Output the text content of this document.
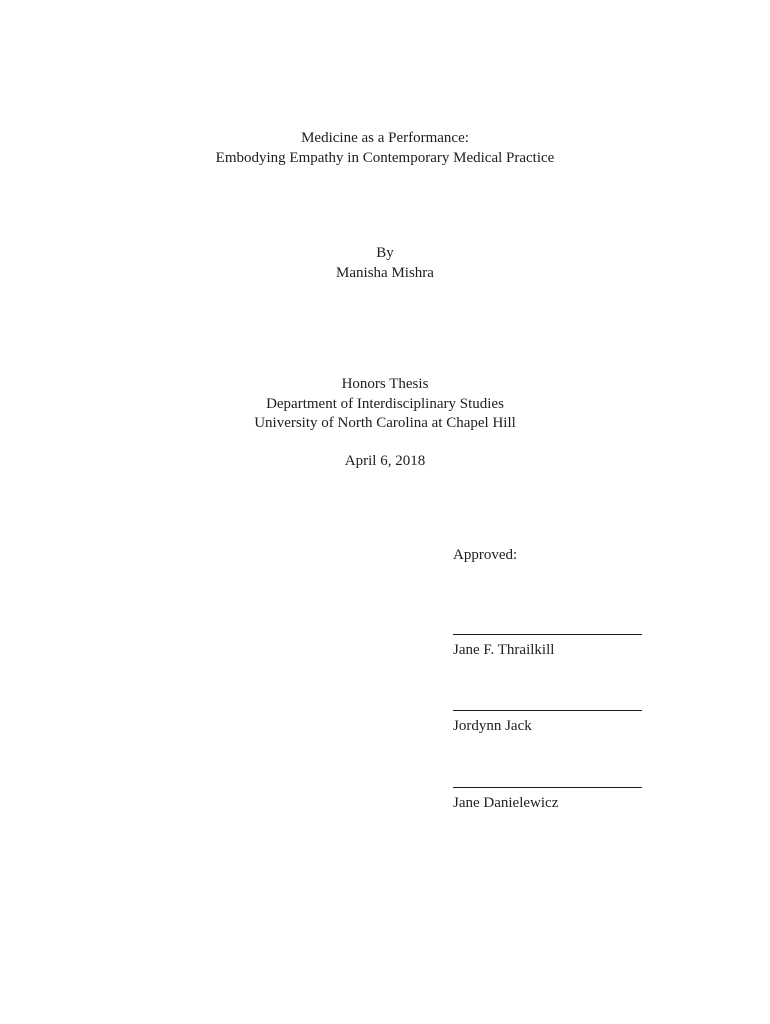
Medicine as a Performance:
Embodying Empathy in Contemporary Medical Practice
By
Manisha Mishra
Honors Thesis
Department of Interdisciplinary Studies
University of North Carolina at Chapel Hill
April 6, 2018
Approved:
Jane F. Thrailkill
Jordynn Jack
Jane Danielewicz
